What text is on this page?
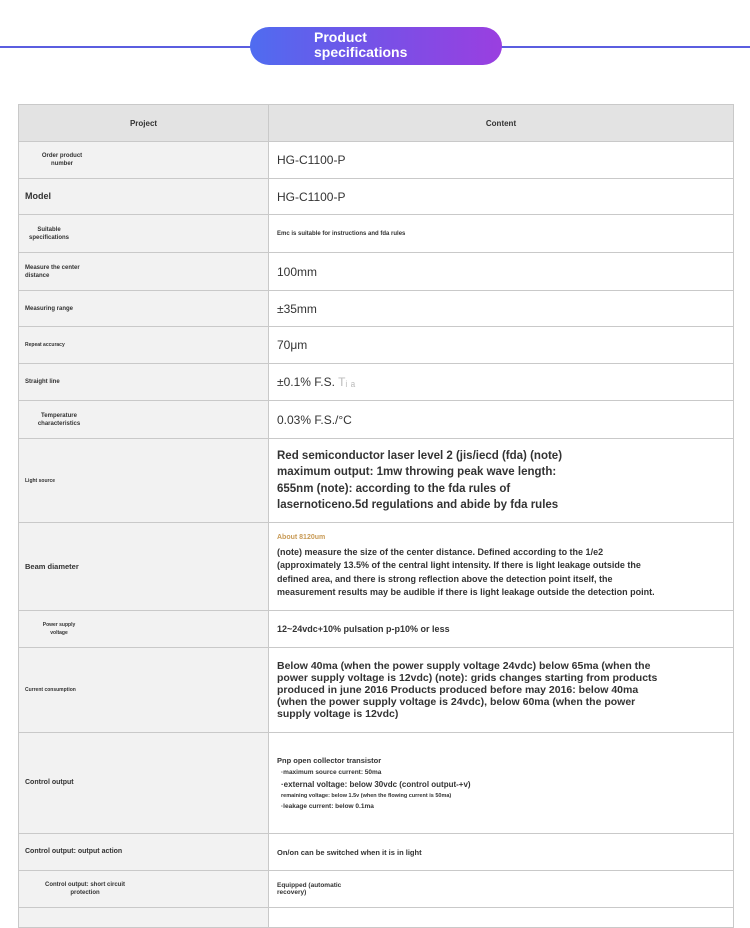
Product
specifications
Project	Content

Order product number	HG-C1100-P
Model	HG-C1100-P

Suitable specifications	Emc is suitable for instructions and fda rules

Measure the center distance	100mm
Measuring range	±35mm
Repeat accuracy	70μm
Straight line	±0.1% F.S. Tᵢ ₐ

Temperature characteristics	0.03% F.S./°C
Light source	Red semiconductor laser level 2 (jis/iecd (fda) (note)
maximum output: 1mw throwing peak wave length:
655nm (note): according to the fda rules of
lasernoticeno.5d regulations and abide by fda rules

Beam diameter	About 8120um
(note) measure the size of the center distance. Defined according to the 1/e2
(approximately 13.5% of the central light intensity. If there is light leakage outside the
defined area, and there is strong reflection above the detection point itself, the
measurement results may be audible if there is light leakage outside the detection point.

Power supply voltage	12~24vdc+10% pulsation p-p10% or less
Current consumption	Below 40ma (when the power supply voltage 24vdc) below 65ma (when the
power supply voltage is 12vdc) (note): grids changes starting from products
produced in june 2016 Products produced before may 2016: below 40ma
(when the power supply voltage is 24vdc), below 60ma (when the power
supply voltage is 12vdc)

Control output	Pnp open collector transistor
·maximum source current: 50ma
·external voltage: below 30vdc (control output-+v)
remaining voltage: below 1.5v (when the flowing current is 50ma)
·leakage current: below 0.1ma

Control output: output action	On/on can be switched when it is in light

Control output: short circuit protection	Equipped (automatic
recovery)
